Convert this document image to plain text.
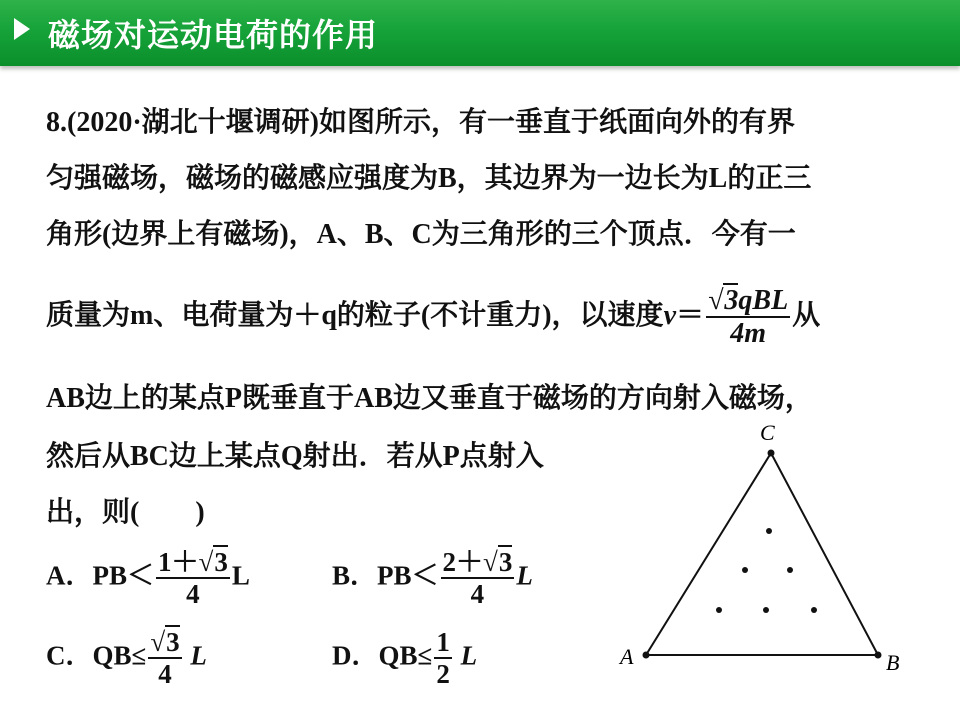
磁场对运动电荷的作用
8.(2020·湖北十堰调研)如图所示，有一垂直于纸面向外的有界
匀强磁场，磁场的磁感应强度为B，其边界为一边长为L的正三
角形(边界上有磁场)，A、B、C为三角形的三个顶点．今有一
质量为m、电荷量为＋q的粒子(不计重力)，以速度$v= \frac{\text{√3qBL}}{4m}$ 从
AB边上的某点P既垂直于AB边又垂直于磁场的方向射入磁场，
然后从BC边上某点Q射出．若从P点射入
出，则(　　)
A．$PB< \frac{1+√3}{4}$ L	B．$PB< \frac{2+√3}{4}$ L
C．$QB\le \frac{√3}{4}$ L	D．$QB\le \frac{1}{2}$ L	A	B
C
